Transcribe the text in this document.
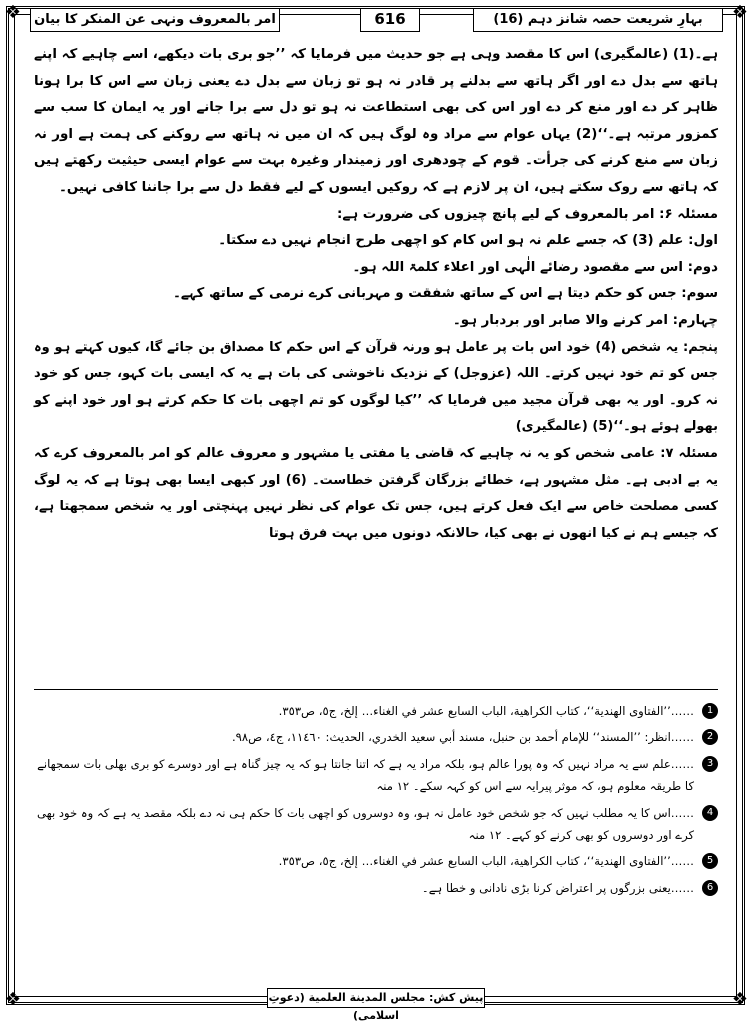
❖	❖
❖	❖
بہارِ شریعت حصہ شانز دہم (16)
616
امر بالمعروف ونہی عن المنکر کا بیان

ہے۔(1) (عالمگیری) اس کا مقصد وہی ہے جو حدیث میں فرمایا کہ ’’جو بری بات دیکھے، اسے چاہیے کہ اپنے ہاتھ سے بدل دے اور اگر ہاتھ سے بدلنے پر قادر نہ ہو تو زبان سے بدل دے یعنی زبان سے اس کا برا ہونا ظاہر کر دے اور منع کر دے اور اس کی بھی استطاعت نہ ہو تو دل سے برا جانے اور یہ ایمان کا سب سے کمزور مرتبہ ہے۔‘‘(2) یہاں عوام سے مراد وہ لوگ ہیں کہ ان میں نہ ہاتھ سے روکنے کی ہمت ہے اور نہ زبان سے منع کرنے کی جرأت۔ قوم کے چودھری اور زمیندار وغیرہ بہت سے عوام ایسی حیثیت رکھتے ہیں کہ ہاتھ سے روک سکتے ہیں، ان پر لازم ہے کہ روکیں ایسوں کے لیے فقط دل سے برا جاننا کافی نہیں۔

مسئلہ ۶: امر بالمعروف کے لیے پانچ چیزوں کی ضرورت ہے:

اول: علم (3) کہ جسے علم نہ ہو اس کام کو اچھی طرح انجام نہیں دے سکتا۔

دوم: اس سے مقصود رضائے الٰہی اور اعلاء کلمۃ اللہ ہو۔

سوم: جس کو حکم دیتا ہے اس کے ساتھ شفقت و مہربانی کرے نرمی کے ساتھ کہے۔

چہارم: امر کرنے والا صابر اور بردبار ہو۔

پنجم: یہ شخص (4) خود اس بات پر عامل ہو ورنہ قرآن کے اس حکم کا مصداق بن جائے گا، کیوں کہتے ہو وہ جس کو تم خود نہیں کرتے۔ اللہ (عزوجل) کے نزدیک ناخوشی کی بات ہے یہ کہ ایسی بات کہو، جس کو خود نہ کرو۔ اور یہ بھی قرآن مجید میں فرمایا کہ ’’کیا لوگوں کو تم اچھی بات کا حکم کرتے ہو اور خود اپنے کو بھولے ہوئے ہو۔‘‘(5) (عالمگیری)

مسئلہ ۷: عامی شخص کو یہ نہ چاہیے کہ قاضی یا مفتی یا مشہور و معروف عالم کو امر بالمعروف کرے کہ یہ بے ادبی ہے۔ مثل مشہور ہے، خطائے بزرگان گرفتن خطاست۔ (6) اور کبھی ایسا بھی ہوتا ہے کہ یہ لوگ کسی مصلحت خاص سے ایک فعل کرتے ہیں، جس تک عوام کی نظر نہیں پہنچتی اور یہ شخص سمجھتا ہے، کہ جیسے ہم نے کیا انھوں نے بھی کیا، حالانکہ دونوں میں بہت فرق ہوتا

1
……’’الفتاوی الهندية‘‘، كتاب الكراهية، الباب السابع عشر في الغناء… إلخ، ج٥، ص٣٥٣.
2
……انظر: ’’المسند‘‘ للإمام أحمد بن حنبل، مسند أبي سعيد الخدري، الحديث: ١١٤٦٠، ج٤، ص٩٨.
3
……علم سے یہ مراد نہیں کہ وہ پورا عالم ہو، بلکہ مراد یہ ہے کہ اتنا جانتا ہو کہ یہ چیز گناہ ہے اور دوسرے کو بری بھلی بات سمجھانے کا طریقہ معلوم ہو، کہ موثر پیرایہ سے اس کو کہہ سکے۔ ۱۲ منہ
4
……اس کا یہ مطلب نہیں کہ جو شخص خود عامل نہ ہو، وہ دوسروں کو اچھی بات کا حکم ہی نہ دے بلکہ مقصد یہ ہے کہ وہ خود بھی کرے اور دوسروں کو بھی کرنے کو کہے۔ ۱۲ منہ
5
……’’الفتاوی الهندية‘‘، كتاب الكراهية، الباب السابع عشر في الغناء… إلخ، ج٥، ص٣٥٣.
6
……یعنی بزرگوں پر اعتراض کرنا بڑی نادانی و خطا ہے۔
پیش کش: مجلس المدينة العلمية (دعوتِ اسلامی)
